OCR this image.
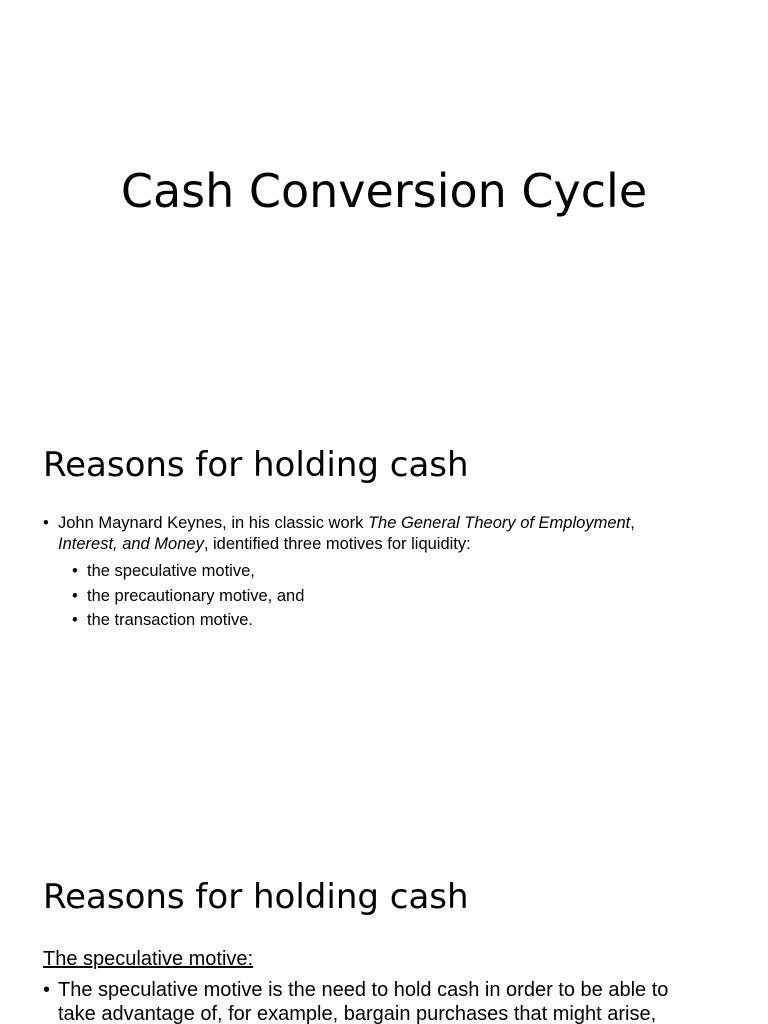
Cash Conversion Cycle
Reasons for holding cash
• John Maynard Keynes, in his classic work The General Theory of Employment, Interest, and Money, identified three motives for liquidity:
• the speculative motive,
• the precautionary motive, and
• the transaction motive.
Reasons for holding cash
The speculative motive:
• The speculative motive is the need to hold cash in order to be able to take advantage of, for example, bargain purchases that might arise,
